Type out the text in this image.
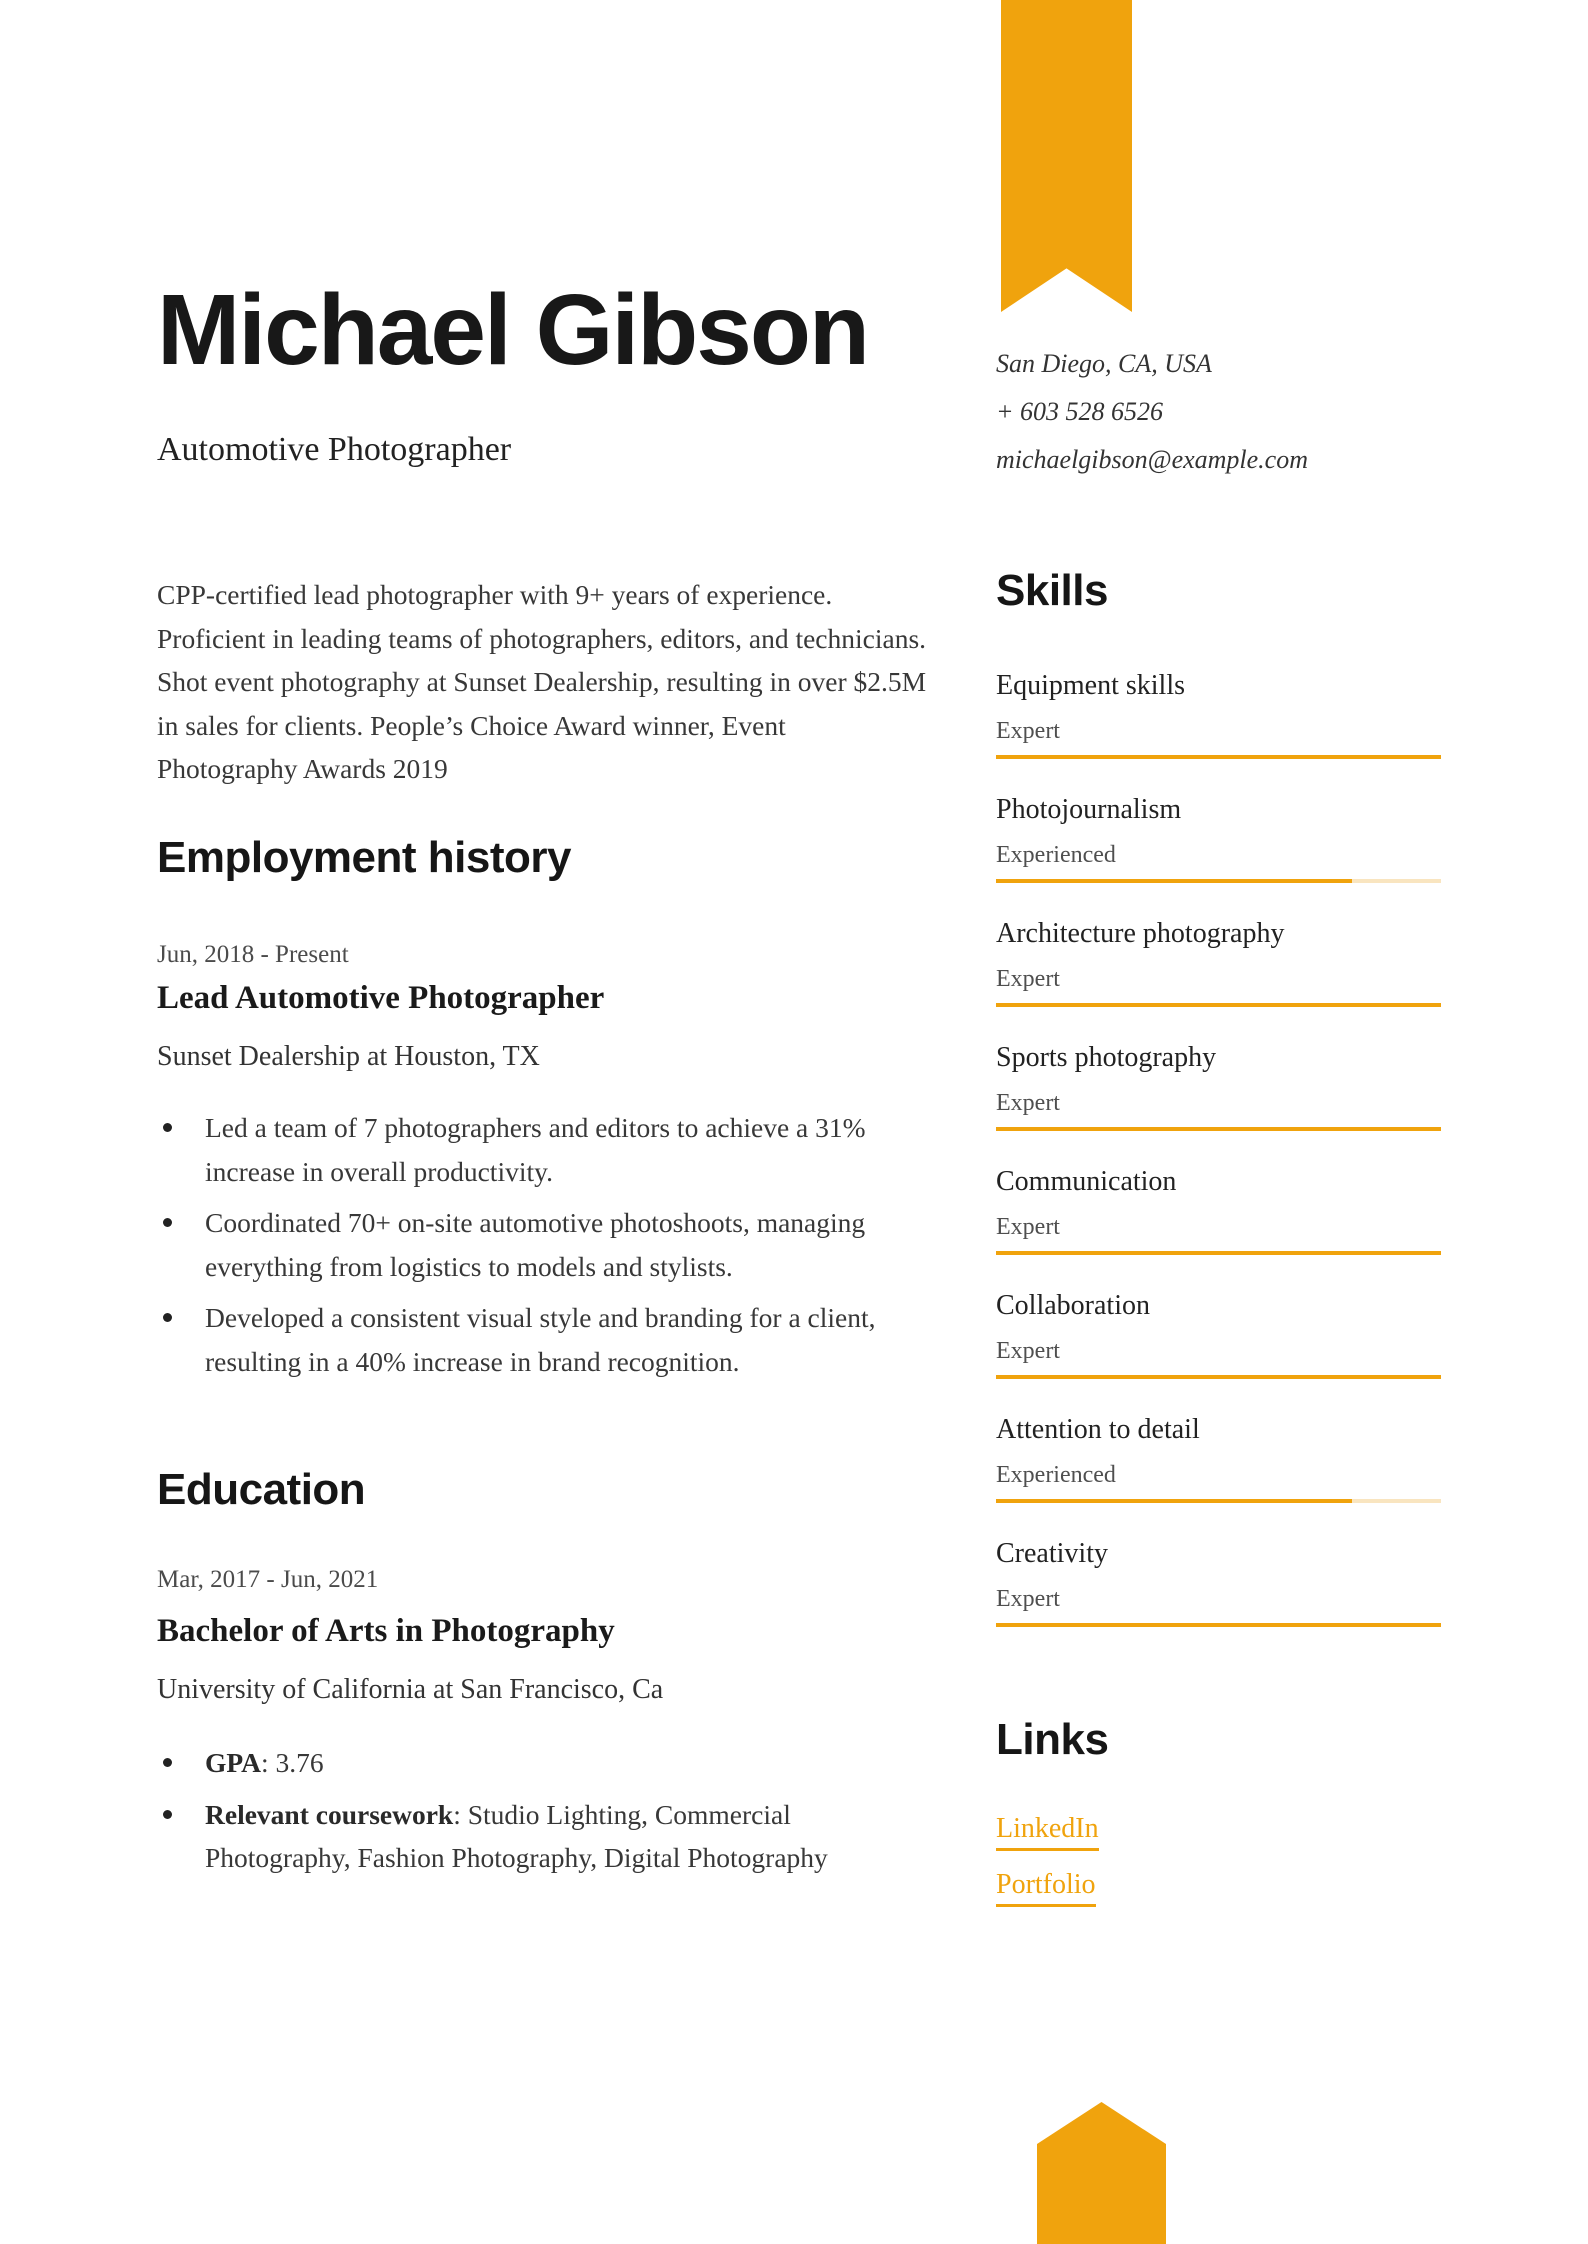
Michael Gibson
Automotive Photographer
San Diego, CA, USA
+ 603 528 6526
michaelgibson@example.com
CPP-certified lead photographer with 9+ years of experience. Proficient in leading teams of photographers, editors, and technicians. Shot event photography at Sunset Dealership, resulting in over $2.5M in sales for clients. People’s Choice Award winner, Event Photography Awards 2019
Employment history
Jun, 2018 - Present
Lead Automotive Photographer
Sunset Dealership at Houston, TX
Led a team of 7 photographers and editors to achieve a 31% increase in overall productivity.
Coordinated 70+ on-site automotive photoshoots, managing everything from logistics to models and stylists.
Developed a consistent visual style and branding for a client, resulting in a 40% increase in brand recognition.
Education
Mar, 2017 - Jun, 2021
Bachelor of Arts in Photography
University of California at San Francisco, Ca
GPA: 3.76
Relevant coursework: Studio Lighting, Commercial Photography, Fashion Photography, Digital Photography
Skills
Equipment skills
Expert
Photojournalism
Experienced
Architecture photography
Expert
Sports photography
Expert
Communication
Expert
Collaboration
Expert
Attention to detail
Experienced
Creativity
Expert
Links
LinkedIn
Portfolio
